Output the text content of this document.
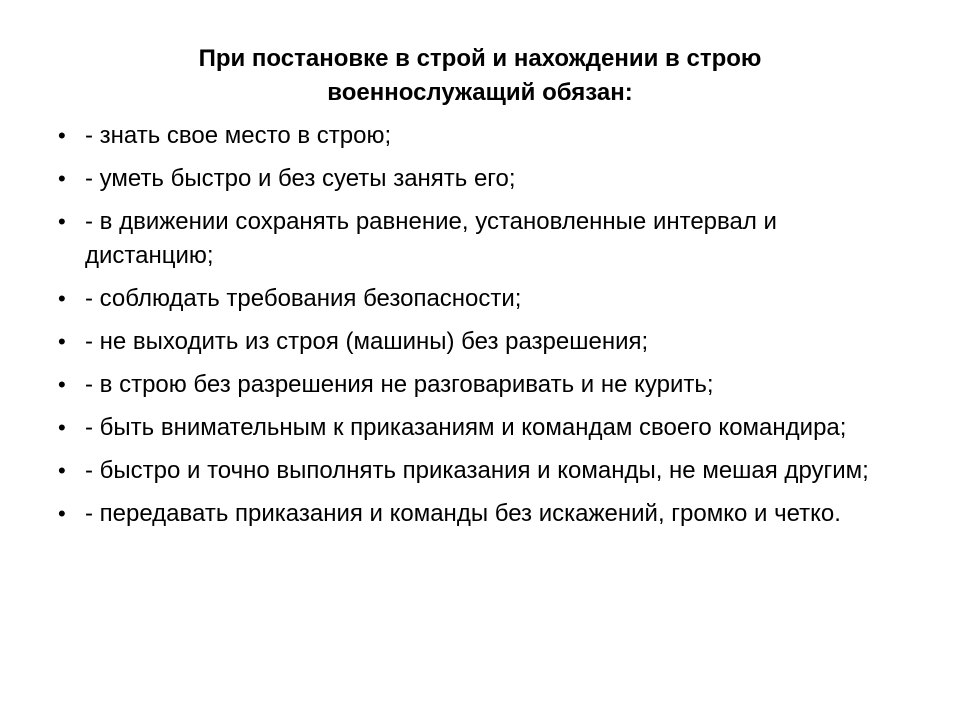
При постановке в строй и нахождении в строю
военнослужащий обязан:
• - знать свое место в строю;
• - уметь быстро и без суеты занять его;
• - в движении сохранять равнение, установленные интервал и дистанцию;
• - соблюдать требования безопасности;
• - не выходить из строя (машины) без разрешения;
• - в строю без разрешения не разговаривать и не курить;
• - быть внимательным к приказаниям и командам своего командира;
• - быстро и точно выполнять приказания и команды, не мешая другим;
• - передавать приказания и команды без искажений, громко и четко.
